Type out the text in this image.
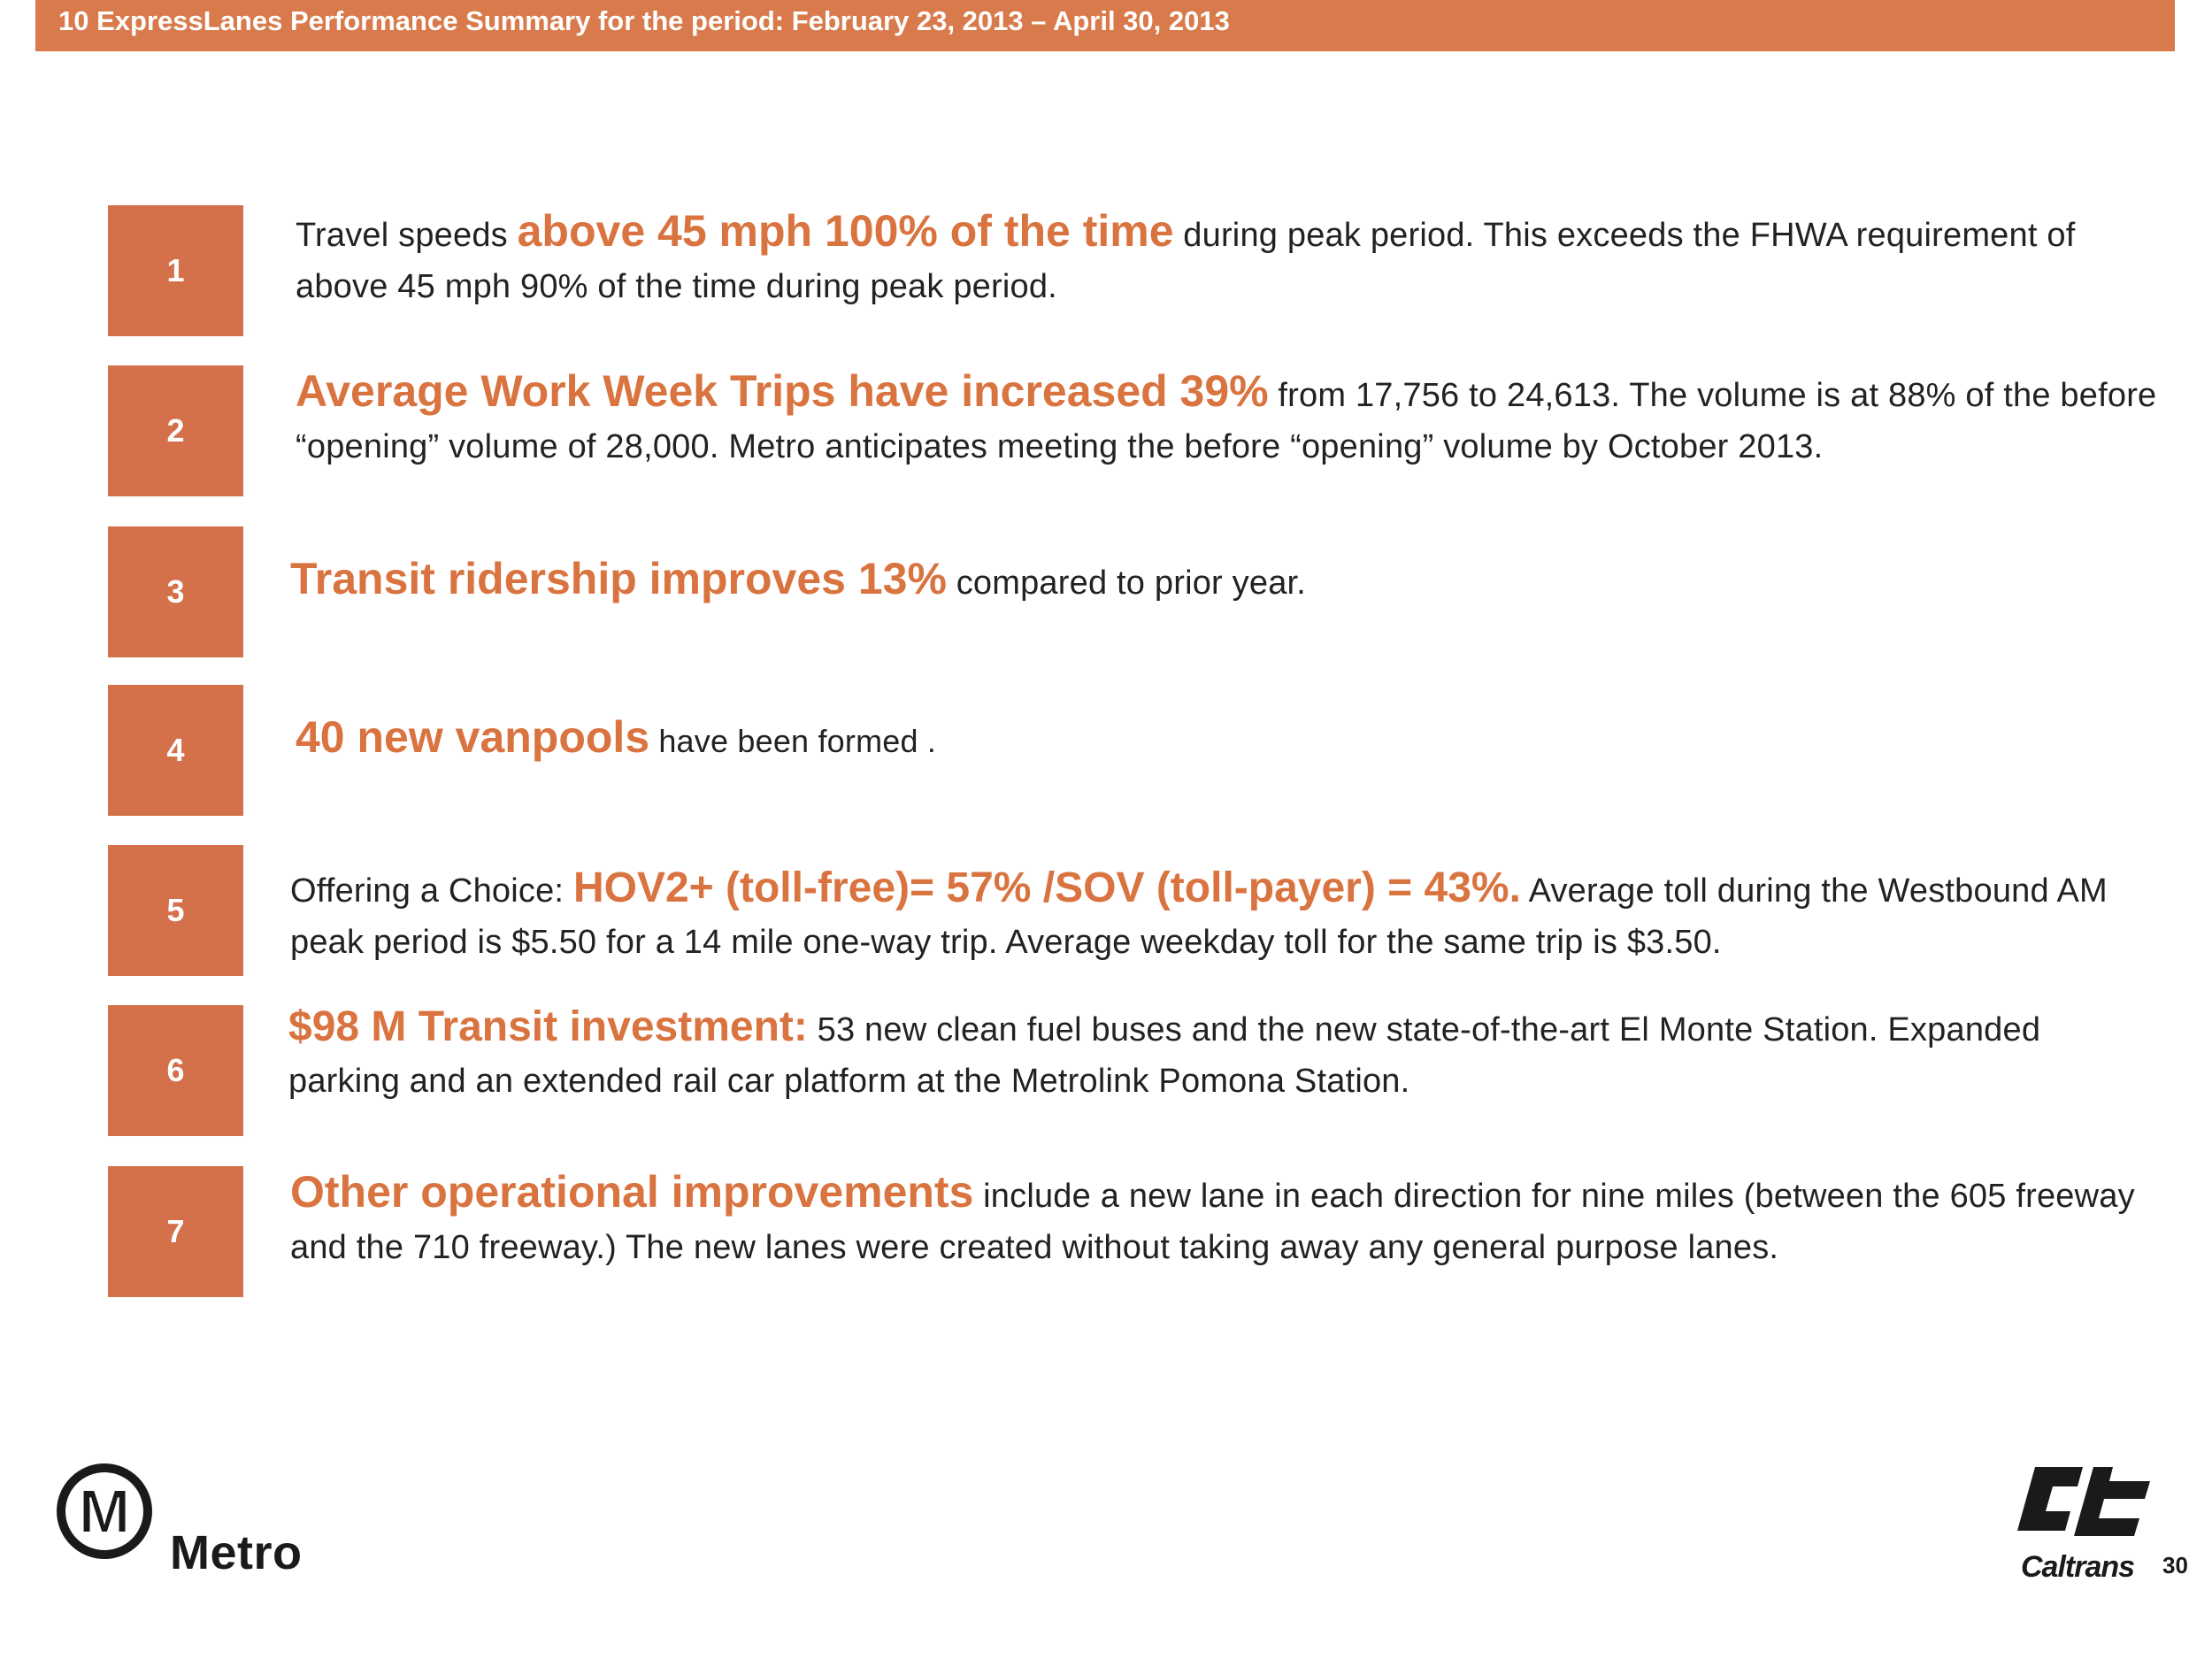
10 ExpressLanes Performance Summary for the period: February 23, 2013 – April 30, 2013
1
Travel speeds above 45 mph 100% of the time during peak period. This exceeds the FHWA requirement of above 45 mph 90% of the time during peak period.
2
Average Work Week Trips have increased 39% from 17,756 to 24,613. The volume is at 88% of the before “opening” volume of 28,000. Metro anticipates meeting the before “opening” volume by October 2013.
3	Transit ridership improves 13% compared to prior year.
4	40 new vanpools have been formed .
5
Offering a Choice: HOV2+ (toll-free)= 57% /SOV (toll-payer) = 43%. Average toll during the Westbound AM peak period is $5.50 for a 14 mile one-way trip. Average weekday toll for the same trip is $3.50.
6
$98 M Transit investment: 53 new clean fuel buses and the new state-of-the-art El Monte Station. Expanded parking and an extended rail car platform at the Metrolink Pomona Station.
7
Other operational improvements include a new lane in each direction for nine miles (between the 605 freeway and the 710 freeway.) The new lanes were created without taking away any general purpose lanes.
M
Metro	Caltrans 30
